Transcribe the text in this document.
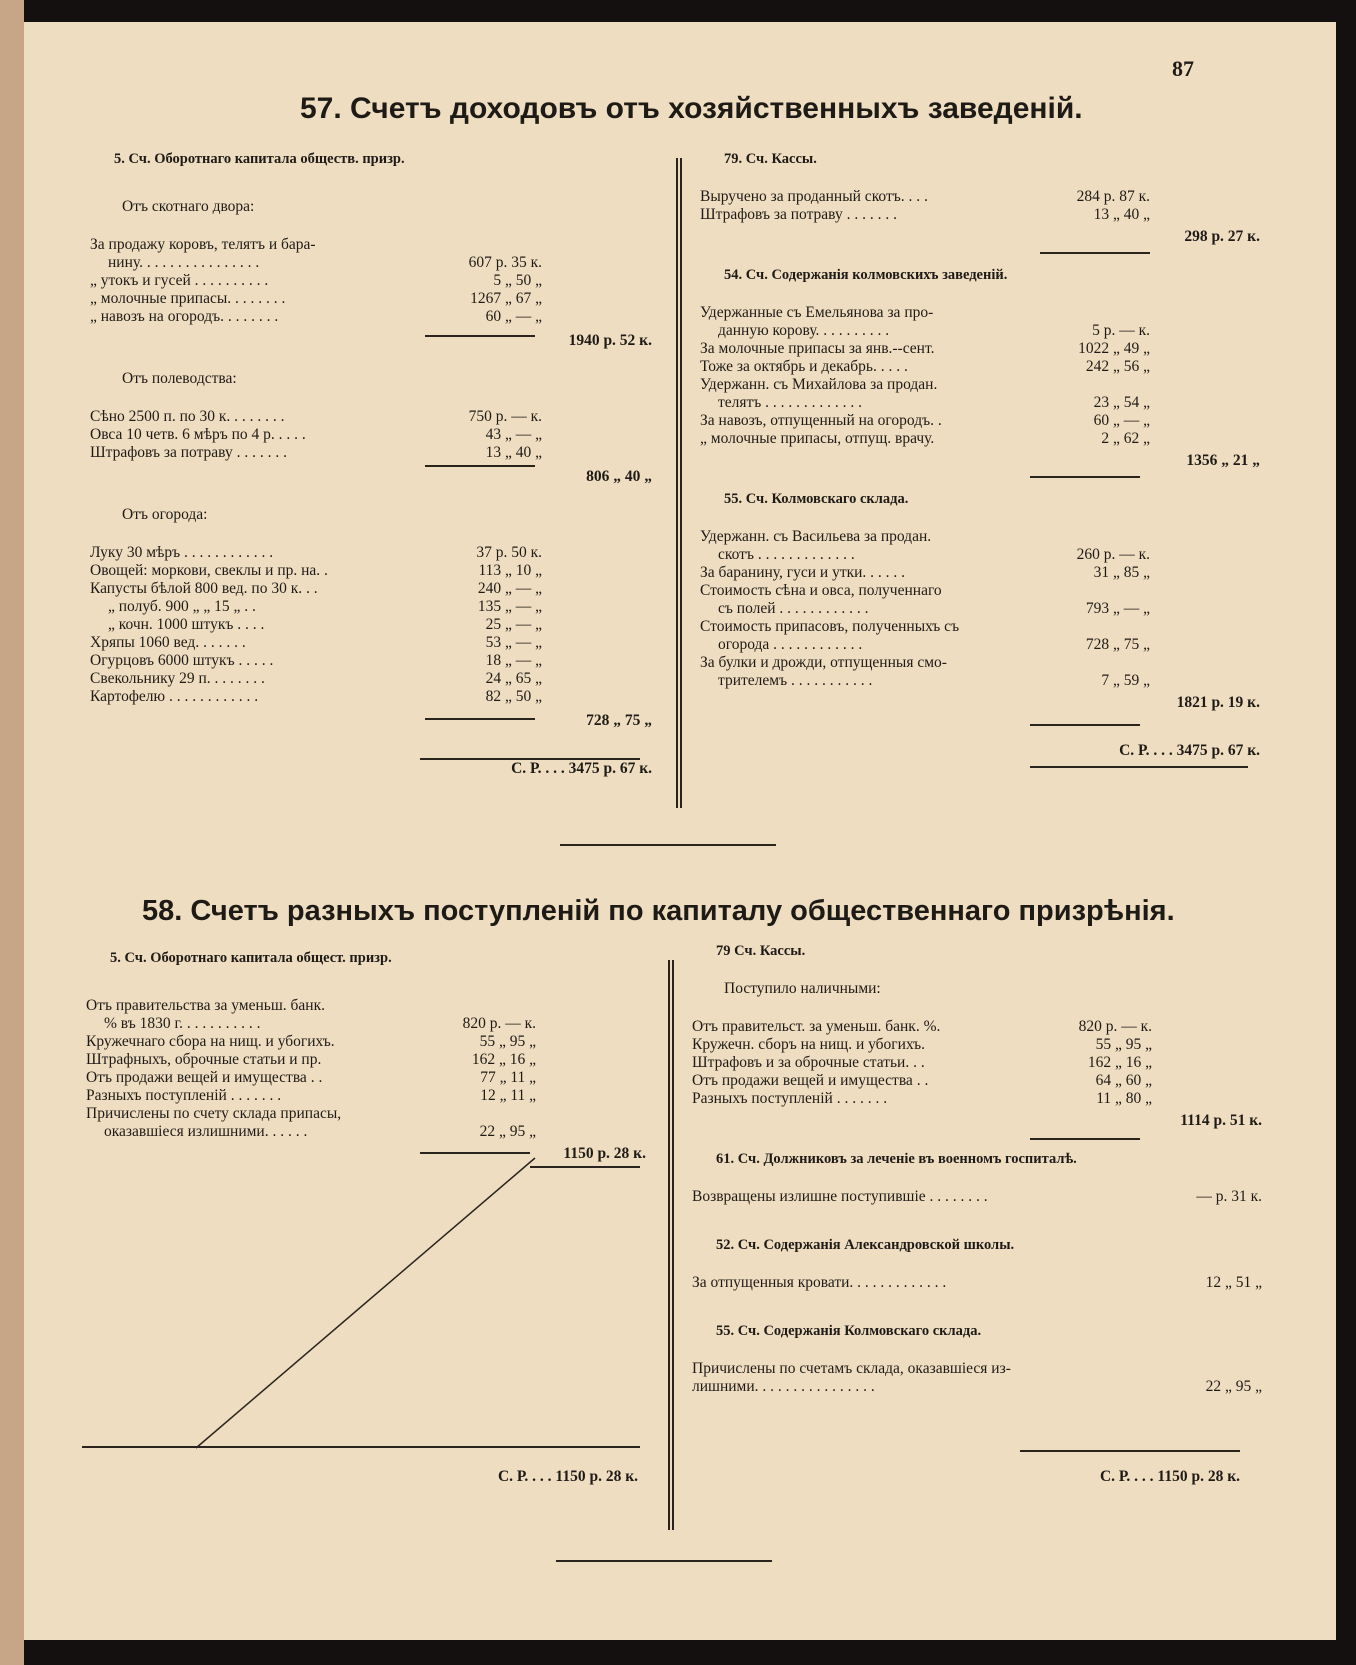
87
57. Счетъ доходовъ отъ хозяйственныхъ заведеній.
5. Сч. Оборотнаго капитала обществ. призр.
Отъ скотнаго двора:
За продажу коровъ, телятъ и бара-
нину. . . . . . . . . . . . . . . .	607 р. 35 к.
„ утокъ и гусей . . . . . . . . . .	5 „ 50 „
„ молочные припасы. . . . . . . .	1267 „ 67 „
„ навозъ на огородъ. . . . . . . .	60 „ — „
1940 р. 52 к.
Отъ полеводства:
Сѣно 2500 п. по 30 к. . . . . . . .	750 р. — к.
Овса 10 четв. 6 мѣръ по 4 р. . . . .	43 „ — „
Штрафовъ за потраву . . . . . . .	13 „ 40 „
806 „ 40 „
Отъ огорода:
Луку 30 мѣръ . . . . . . . . . . . .	37 р. 50 к.
Овощей: моркови, свеклы и пр. на. .	113 „ 10 „
Капусты бѣлой 800 вед. по 30 к. . .	240 „ — „
„ полуб. 900 „ „ 15 „ . .	135 „ — „
„ кочн. 1000 штукъ . . . .	25 „ — „
Хряпы 1060 вед. . . . . . .	53 „ — „
Огурцовъ 6000 штукъ . . . . .	18 „ — „
Свекольнику 29 п. . . . . . . .	24 „ 65 „
Картофелю . . . . . . . . . . . .	82 „ 50 „
728 „ 75 „
С. Р. . . . 3475 р. 67 к.
79. Сч. Кассы.
Выручено за проданный скотъ. . . .	284 р. 87 к.
Штрафовъ за потраву . . . . . . .	13 „ 40 „
298 р. 27 к.
54. Сч. Содержанія колмовскихъ заведеній.
Удержанные съ Емельянова за про-
данную корову. . . . . . . . . .	5 р. — к.
За молочные припасы за янв.--сент.	1022 „ 49 „
Тоже за октябрь и декабрь. . . . .	242 „ 56 „
Удержанн. съ Михайлова за продан.
телятъ . . . . . . . . . . . . .	23 „ 54 „
За навозъ, отпущенный на огородъ. .	60 „ — „
„ молочные припасы, отпущ. врачу.	2 „ 62 „
1356 „ 21 „
55. Сч. Колмовскаго склада.
Удержанн. съ Васильева за продан.
скотъ . . . . . . . . . . . . .	260 р. — к.
За баранину, гуси и утки. . . . . .	31 „ 85 „
Стоимость сѣна и овса, полученнаго
съ полей . . . . . . . . . . . .	793 „ — „
Стоимость припасовъ, полученныхъ съ
огорода . . . . . . . . . . . .	728 „ 75 „
За булки и дрожди, отпущенныя смо-
трителемъ . . . . . . . . . . .	7 „ 59 „
1821 р. 19 к.
С. Р. . . . 3475 р. 67 к.
58. Счетъ разныхъ поступленій по капиталу общественнаго призрѣнія.
5. Сч. Оборотнаго капитала общест. призр.
Отъ правительства за уменьш. банк.
% въ 1830 г. . . . . . . . . . .	820 р. — к.
Кружечнаго сбора на нищ. и убогихъ.	55 „ 95 „
Штрафныхъ, оброчные статьи и пр.	162 „ 16 „
Отъ продажи вещей и имущества . .	77 „ 11 „
Разныхъ поступленій . . . . . . .	12 „ 11 „
Причислены по счету склада припасы,
оказавшіеся излишними. . . . . .	22 „ 95 „
1150 р. 28 к.
С. Р. . . . 1150 р. 28 к.
79 Сч. Кассы.
Поступило наличными:
Отъ правительст. за уменьш. банк. %.	820 р. — к.
Кружечн. сборъ на нищ. и убогихъ.	55 „ 95 „
Штрафовъ и за оброчные статьи. . .	162 „ 16 „
Отъ продажи вещей и имущества . .	64 „ 60 „
Разныхъ поступленій . . . . . . .	11 „ 80 „
1114 р. 51 к.
61. Сч. Должниковъ за леченіе въ военномъ госпиталѣ.
Возвращены излишне поступившіе . . . . . . . .	— р. 31 к.
52. Сч. Содержанія Александровской школы.
За отпущенныя кровати. . . . . . . . . . . . .	12 „ 51 „
55. Сч. Содержанія Колмовскаго склада.
Причислены по счетамъ склада, оказавшіеся из-
лишними. . . . . . . . . . . . . . . .	22 „ 95 „
С. Р. . . . 1150 р. 28 к.
